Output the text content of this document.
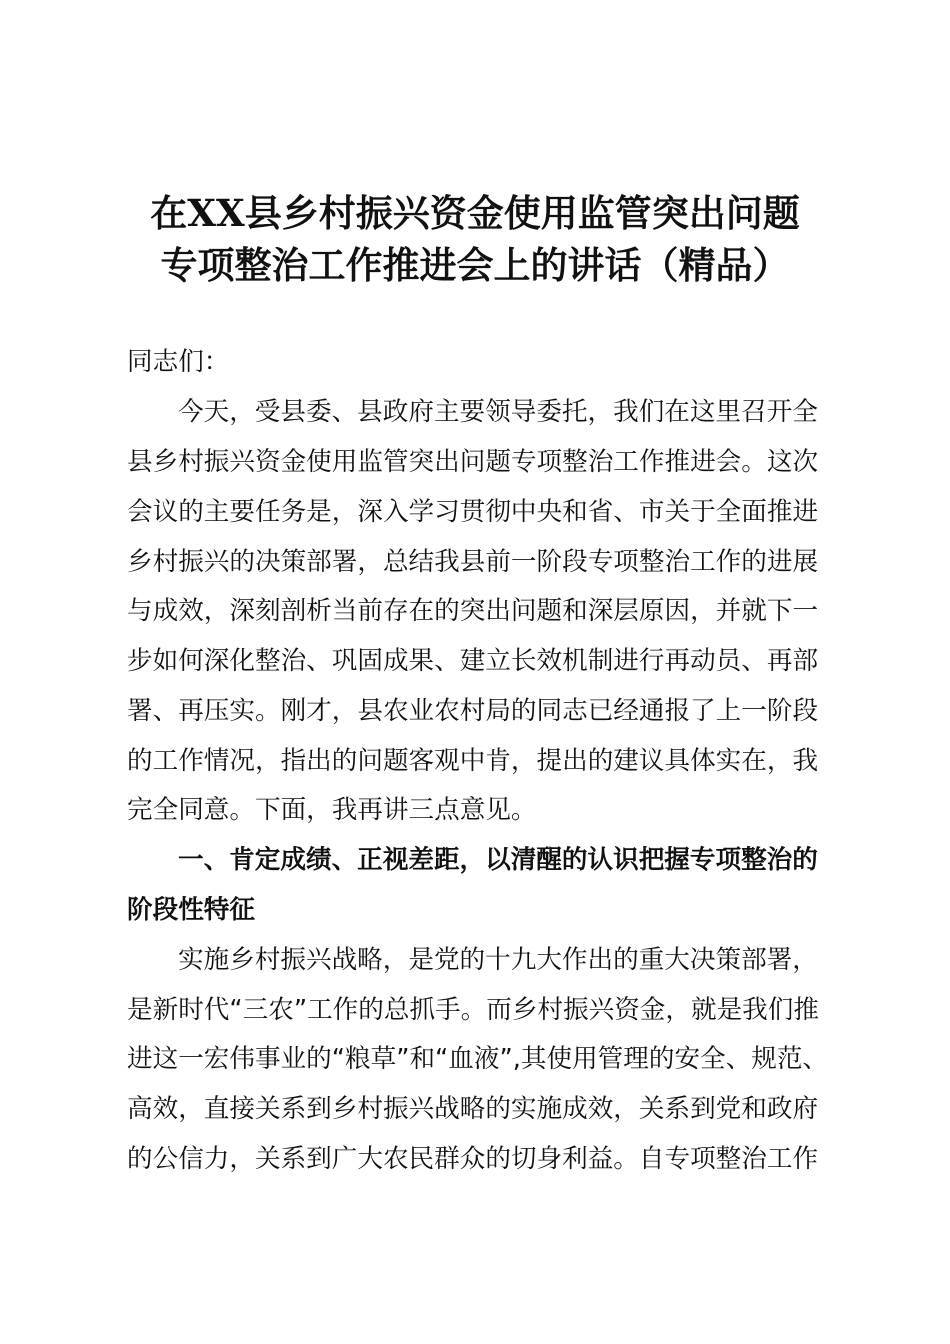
在XX县乡村振兴资金使用监管突出问题
专项整治工作推进会上的讲话（精品）
同志们：
今天，受县委、县政府主要领导委托，我们在这里召开全
县乡村振兴资金使用监管突出问题专项整治工作推进会。这次
会议的主要任务是，深入学习贯彻中央和省、市关于全面推进
乡村振兴的决策部署，总结我县前一阶段专项整治工作的进展
与成效，深刻剖析当前存在的突出问题和深层原因，并就下一
步如何深化整治、巩固成果、建立长效机制进行再动员、再部
署、再压实。刚才，县农业农村局的同志已经通报了上一阶段
的工作情况，指出的问题客观中肯，提出的建议具体实在，我
完全同意。下面，我再讲三点意见。
一、肯定成绩、正视差距，以清醒的认识把握专项整治的
阶段性特征
实施乡村振兴战略，是党的十九大作出的重大决策部署，
是新时代“三农”工作的总抓手。而乡村振兴资金，就是我们推
进这一宏伟事业的“粮草”和“血液”,其使用管理的安全、规范、
高效，直接关系到乡村振兴战略的实施成效，关系到党和政府
的公信力，关系到广大农民群众的切身利益。自专项整治工作
